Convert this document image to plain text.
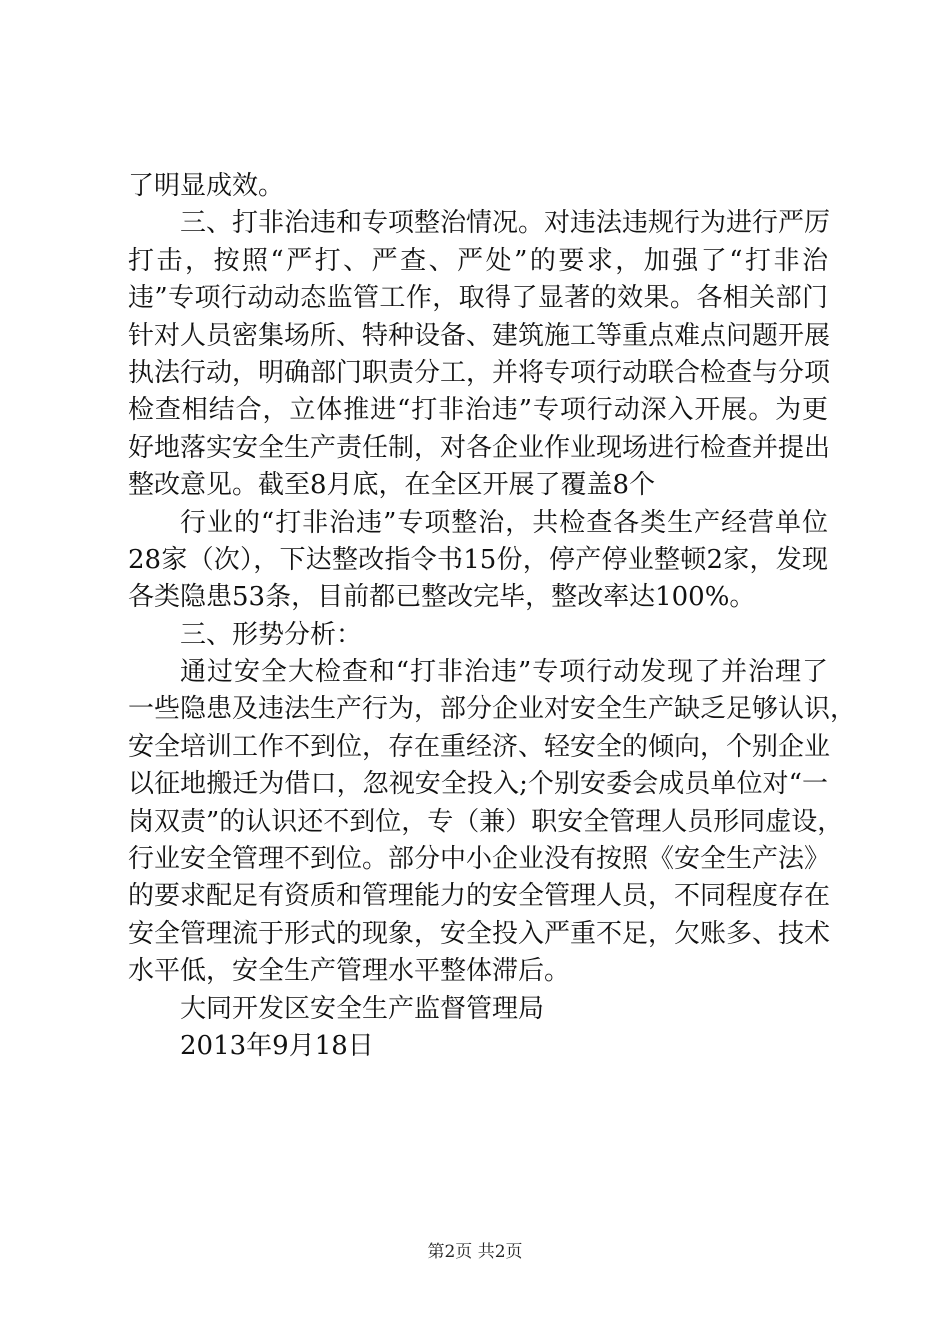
了明显成效。
三、打非治违和专项整治情况。对违法违规行为进行严厉
打击，按照“严打、严查、严处”的要求，加强了“打非治
违”专项行动动态监管工作，取得了显著的效果。各相关部门
针对人员密集场所、特种设备、建筑施工等重点难点问题开展
执法行动，明确部门职责分工，并将专项行动联合检查与分项
检查相结合，立体推进“打非治违”专项行动深入开展。为更
好地落实安全生产责任制，对各企业作业现场进行检查并提出
整改意见。截至8月底，在全区开展了覆盖8个
行业的“打非治违”专项整治，共检查各类生产经营单位
28家（次），下达整改指令书15份，停产停业整顿2家，发现
各类隐患53条，目前都已整改完毕，整改率达100%。
三、形势分析：
通过安全大检查和“打非治违”专项行动发现了并治理了
一些隐患及违法生产行为，部分企业对安全生产缺乏足够认识，
安全培训工作不到位，存在重经济、轻安全的倾向，个别企业
以征地搬迁为借口，忽视安全投入;个别安委会成员单位对“一
岗双责”的认识还不到位，专（兼）职安全管理人员形同虚设，
行业安全管理不到位。部分中小企业没有按照《安全生产法》
的要求配足有资质和管理能力的安全管理人员，不同程度存在
安全管理流于形式的现象，安全投入严重不足，欠账多、技术
水平低，安全生产管理水平整体滞后。
大同开发区安全生产监督管理局
2013年9月18日
第2页 共2页
